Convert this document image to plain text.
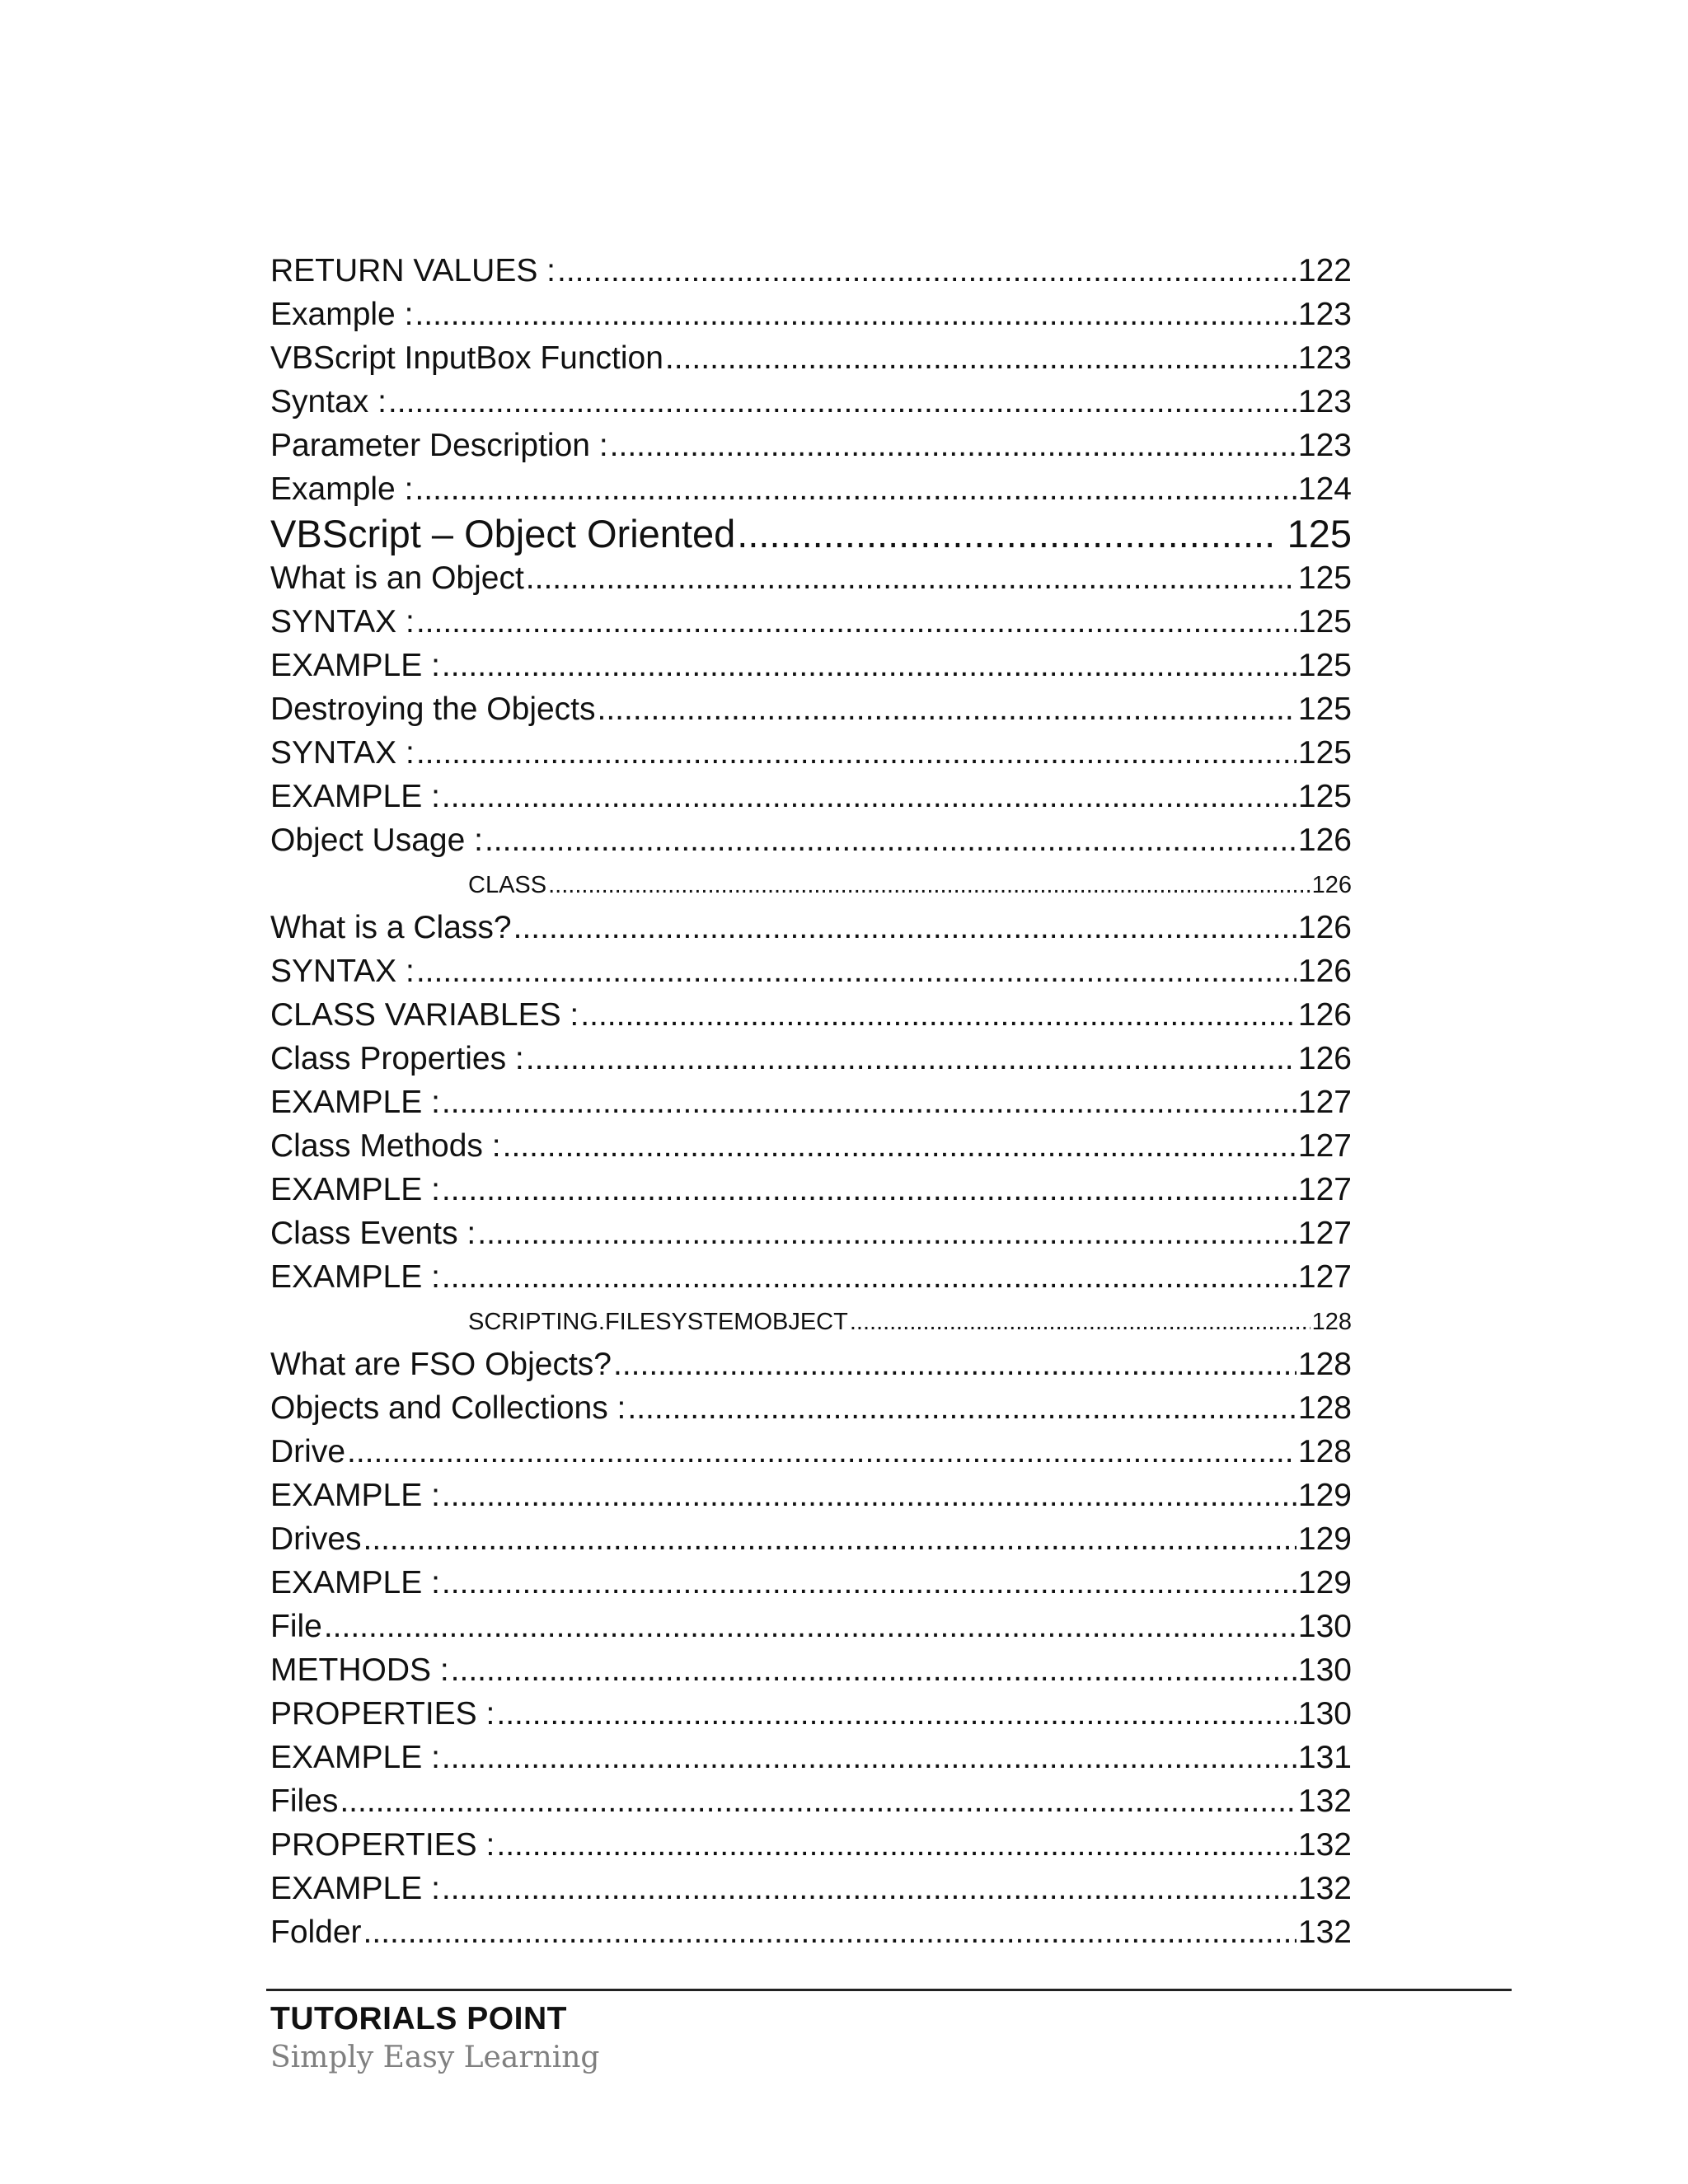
RETURN VALUES : .....	122
Example : .....	123
VBScript InputBox Function .....	123
Syntax : .....	123
Parameter Description : .....	123
Example : .....	124
VBScript – Object Oriented .....	125
What is an Object .....	125
SYNTAX : .....	125
EXAMPLE : .....	125
Destroying the Objects .....	125
SYNTAX : .....	125
EXAMPLE : .....	125
Object Usage : .....	126
CLASS .....	126
What is a Class? .....	126
SYNTAX : .....	126
CLASS VARIABLES : .....	126
Class Properties : .....	126
EXAMPLE : .....	127
Class Methods : .....	127
EXAMPLE : .....	127
Class Events : .....	127
EXAMPLE : .....	127
SCRIPTING.FILESYSTEMOBJECT .....	128
What are FSO Objects? .....	128
Objects and Collections : .....	128
Drive .....	128
EXAMPLE : .....	129
Drives .....	129
EXAMPLE : .....	129
File .....	130
METHODS : .....	130
PROPERTIES : .....	130
EXAMPLE : .....	131
Files .....	132
PROPERTIES : .....	132
EXAMPLE : .....	132
Folder .....	132
TUTORIALS POINT
Simply Easy Learning
